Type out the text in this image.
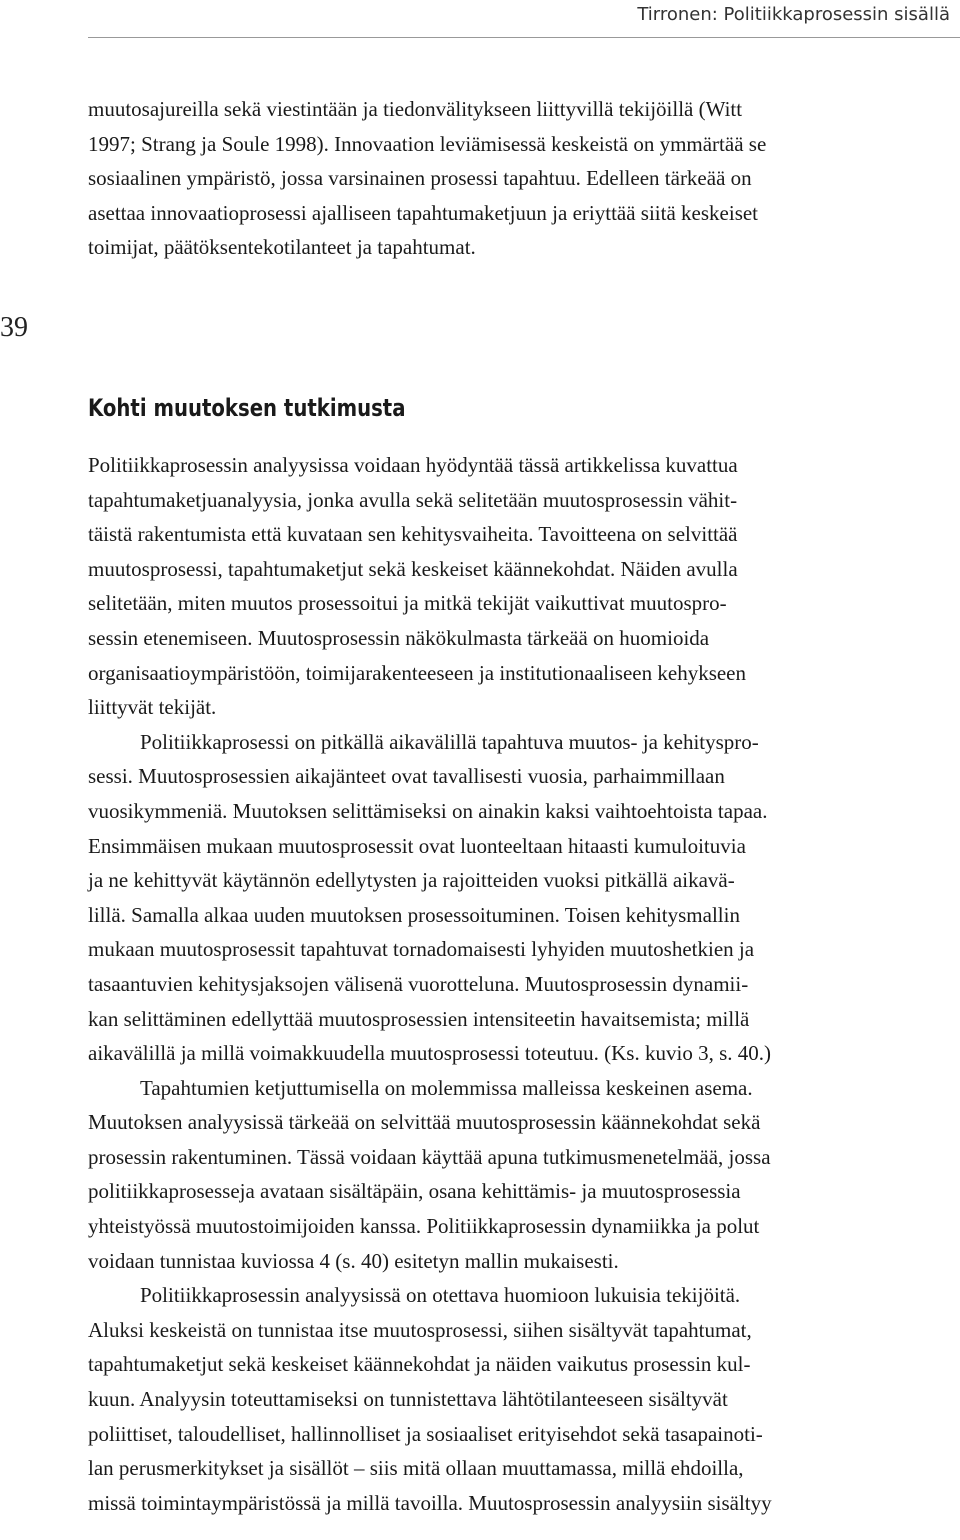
Tirronen: Politiikkaprosessin sisällä
39

muutosajureilla sekä viestintään ja tiedonvälitykseen liittyvillä tekijöillä (Witt
1997; Strang ja Soule 1998). Innovaation leviämisessä keskeistä on ymmärtää se
sosiaalinen ympäristö, jossa varsinainen prosessi tapahtuu. Edelleen tärkeää on
asettaa innovaatioprosessi ajalliseen tapahtumaketjuun ja eriyttää siitä keskeiset
toimijat, päätöksentekotilanteet ja tapahtumat.

Kohti muutoksen tutkimusta

Politiikkaprosessin analyysissa voidaan hyödyntää tässä artikkelissa kuvattua
tapahtumaketjuanalyysia, jonka avulla sekä selitetään muutosprosessin vähit-
täistä rakentumista että kuvataan sen kehitysvaiheita. Tavoitteena on selvittää
muutosprosessi, tapahtumaketjut sekä keskeiset käännekohdat. Näiden avulla
selitetään, miten muutos prosessoitui ja mitkä tekijät vaikuttivat muutospro-
sessin etenemiseen. Muutosprosessin näkökulmasta tärkeää on huomioida
organisaatioympäristöön, toimijarakenteeseen ja institutionaaliseen kehykseen
liittyvät tekijät.

Politiikkaprosessi on pitkällä aikavälillä tapahtuva muutos- ja kehityspro-
sessi. Muutosprosessien aikajänteet ovat tavallisesti vuosia, parhaimmillaan
vuosikymmeniä. Muutoksen selittämiseksi on ainakin kaksi vaihtoehtoista tapaa.
Ensimmäisen mukaan muutosprosessit ovat luonteeltaan hitaasti kumuloituvia
ja ne kehittyvät käytännön edellytysten ja rajoitteiden vuoksi pitkällä aikavä-
lillä. Samalla alkaa uuden muutoksen prosessoituminen. Toisen kehitysmallin
mukaan muutosprosessit tapahtuvat tornadomaisesti lyhyiden muutoshetkien ja
tasaantuvien kehitysjaksojen välisenä vuorotteluna. Muutosprosessin dynamii-
kan selittäminen edellyttää muutosprosessien intensiteetin havaitsemista; millä
aikavälillä ja millä voimakkuudella muutosprosessi toteutuu. (Ks. kuvio 3, s. 40.)

Tapahtumien ketjuttumisella on molemmissa malleissa keskeinen asema.
Muutoksen analyysissä tärkeää on selvittää muutosprosessin käännekohdat sekä
prosessin rakentuminen. Tässä voidaan käyttää apuna tutkimusmenetelmää, jossa
politiikkaprosesseja avataan sisältäpäin, osana kehittämis- ja muutosprosessia
yhteistyössä muutostoimijoiden kanssa. Politiikkaprosessin dynamiikka ja polut
voidaan tunnistaa kuviossa 4 (s. 40) esitetyn mallin mukaisesti.

Politiikkaprosessin analyysissä on otettava huomioon lukuisia tekijöitä.
Aluksi keskeistä on tunnistaa itse muutosprosessi, siihen sisältyvät tapahtumat,
tapahtumaketjut sekä keskeiset käännekohdat ja näiden vaikutus prosessin kul-
kuun. Analyysin toteuttamiseksi on tunnistettava lähtötilanteeseen sisältyvät
poliittiset, taloudelliset, hallinnolliset ja sosiaaliset erityisehdot sekä tasapainoti-
lan perusmerkitykset ja sisällöt – siis mitä ollaan muuttamassa, millä ehdoilla,
missä toimintaympäristössä ja millä tavoilla. Muutosprosessin analyysiin sisältyy
